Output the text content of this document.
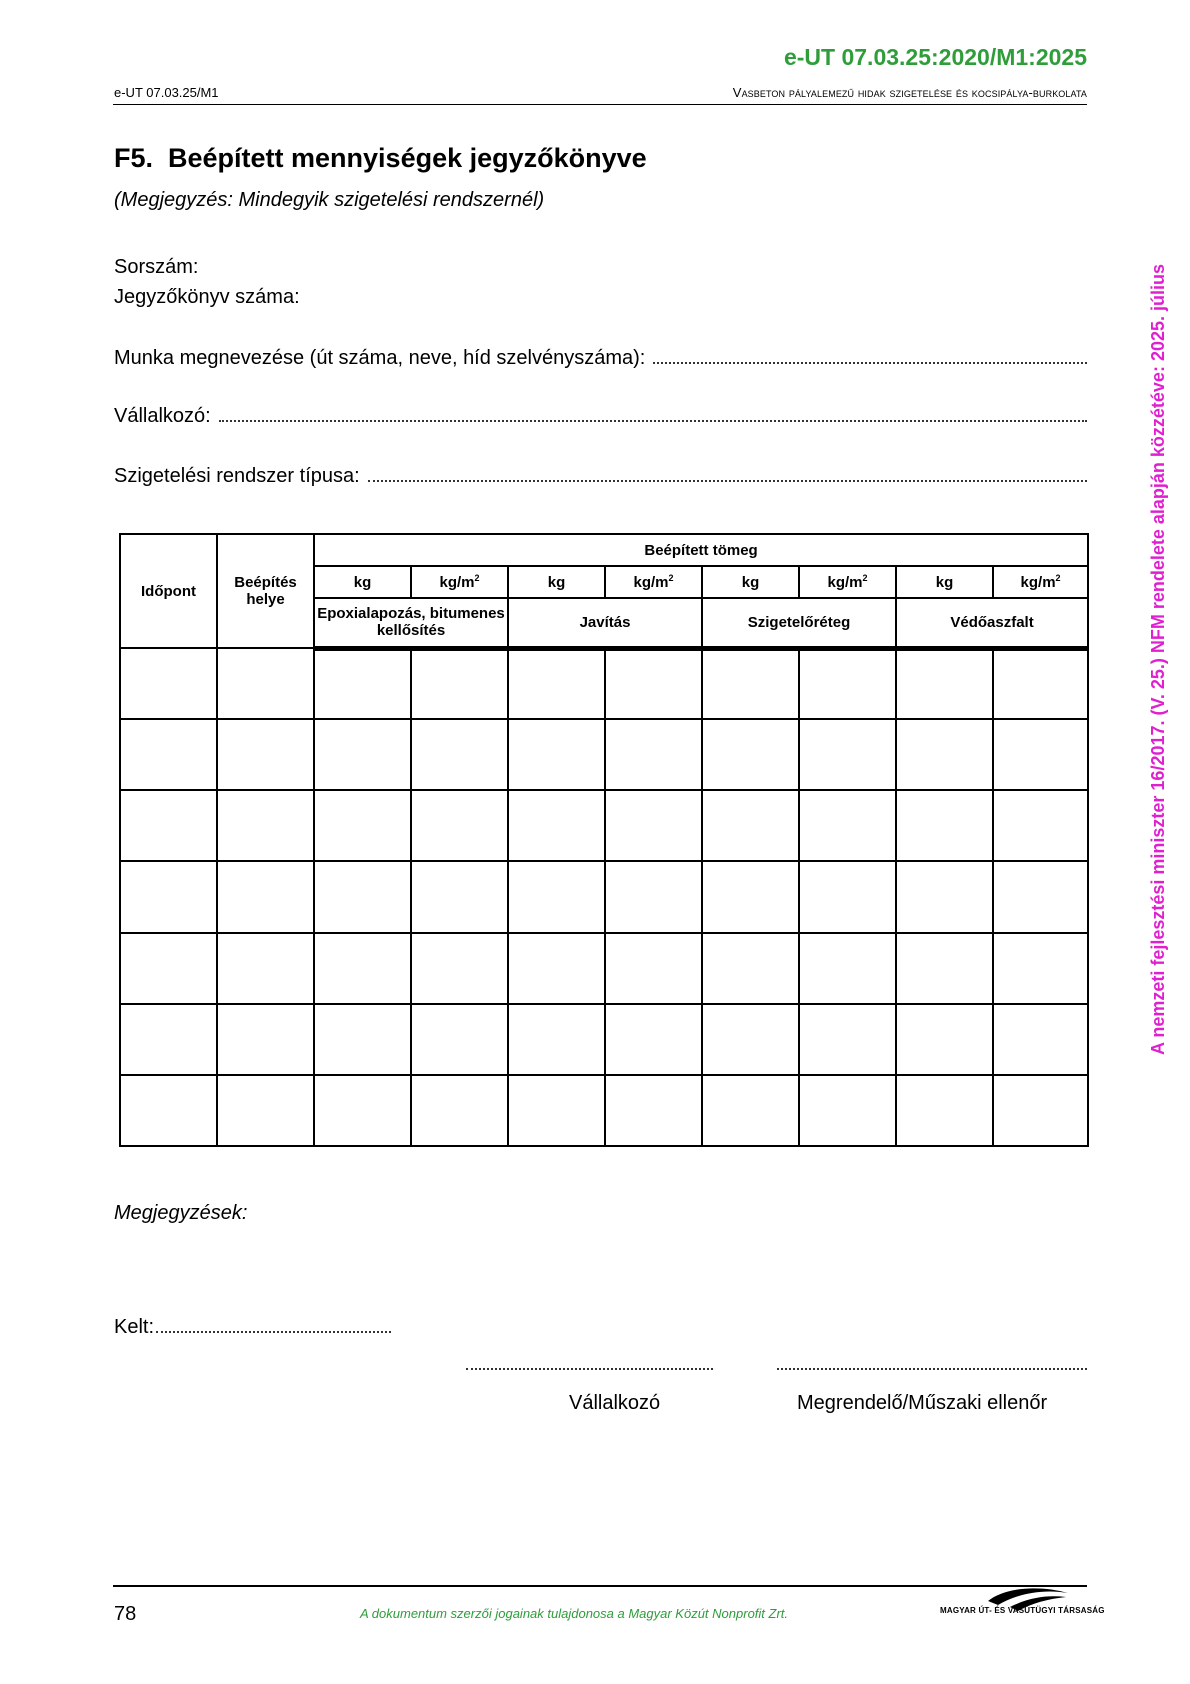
e-UT 07.03.25:2020/M1:2025
e-UT 07.03.25/M1	Vasbeton pályalemezű hidak szigetelése és kocsipálya-burkolata
F5.  Beépített mennyiségek jegyzőkönyve
(Megjegyzés: Mindegyik szigetelési rendszernél)
Sorszám:
Jegyzőkönyv száma:
Munka megnevezése (út száma, neve, híd szelvényszáma):
Vállalkozó:
Szigetelési rendszer típusa:
Időpont	Beépítés helye	Beépített tömeg							
		kg	$kg/m^2$	kg	$kg/m^2$	kg	$kg/m^2$	kg	$kg/m^2$
		Epoxialapozás, bitumenes kellősítés		Javítás		Szigetelőréteg		Védőaszfalt	

Megjegyzések:
Kelt:
Vállalkozó	Megrendelő/Műszaki ellenőr
78	A dokumentum szerzői jogainak tulajdonosa a Magyar Közút Nonprofit Zrt.	MAGYAR ÚT- ÉS VASÚTÜGYI TÁRSASÁG
A nemzeti fejlesztési miniszter 16/2017. (V. 25.) NFM rendelete alapján közzétéve: 2025. július
